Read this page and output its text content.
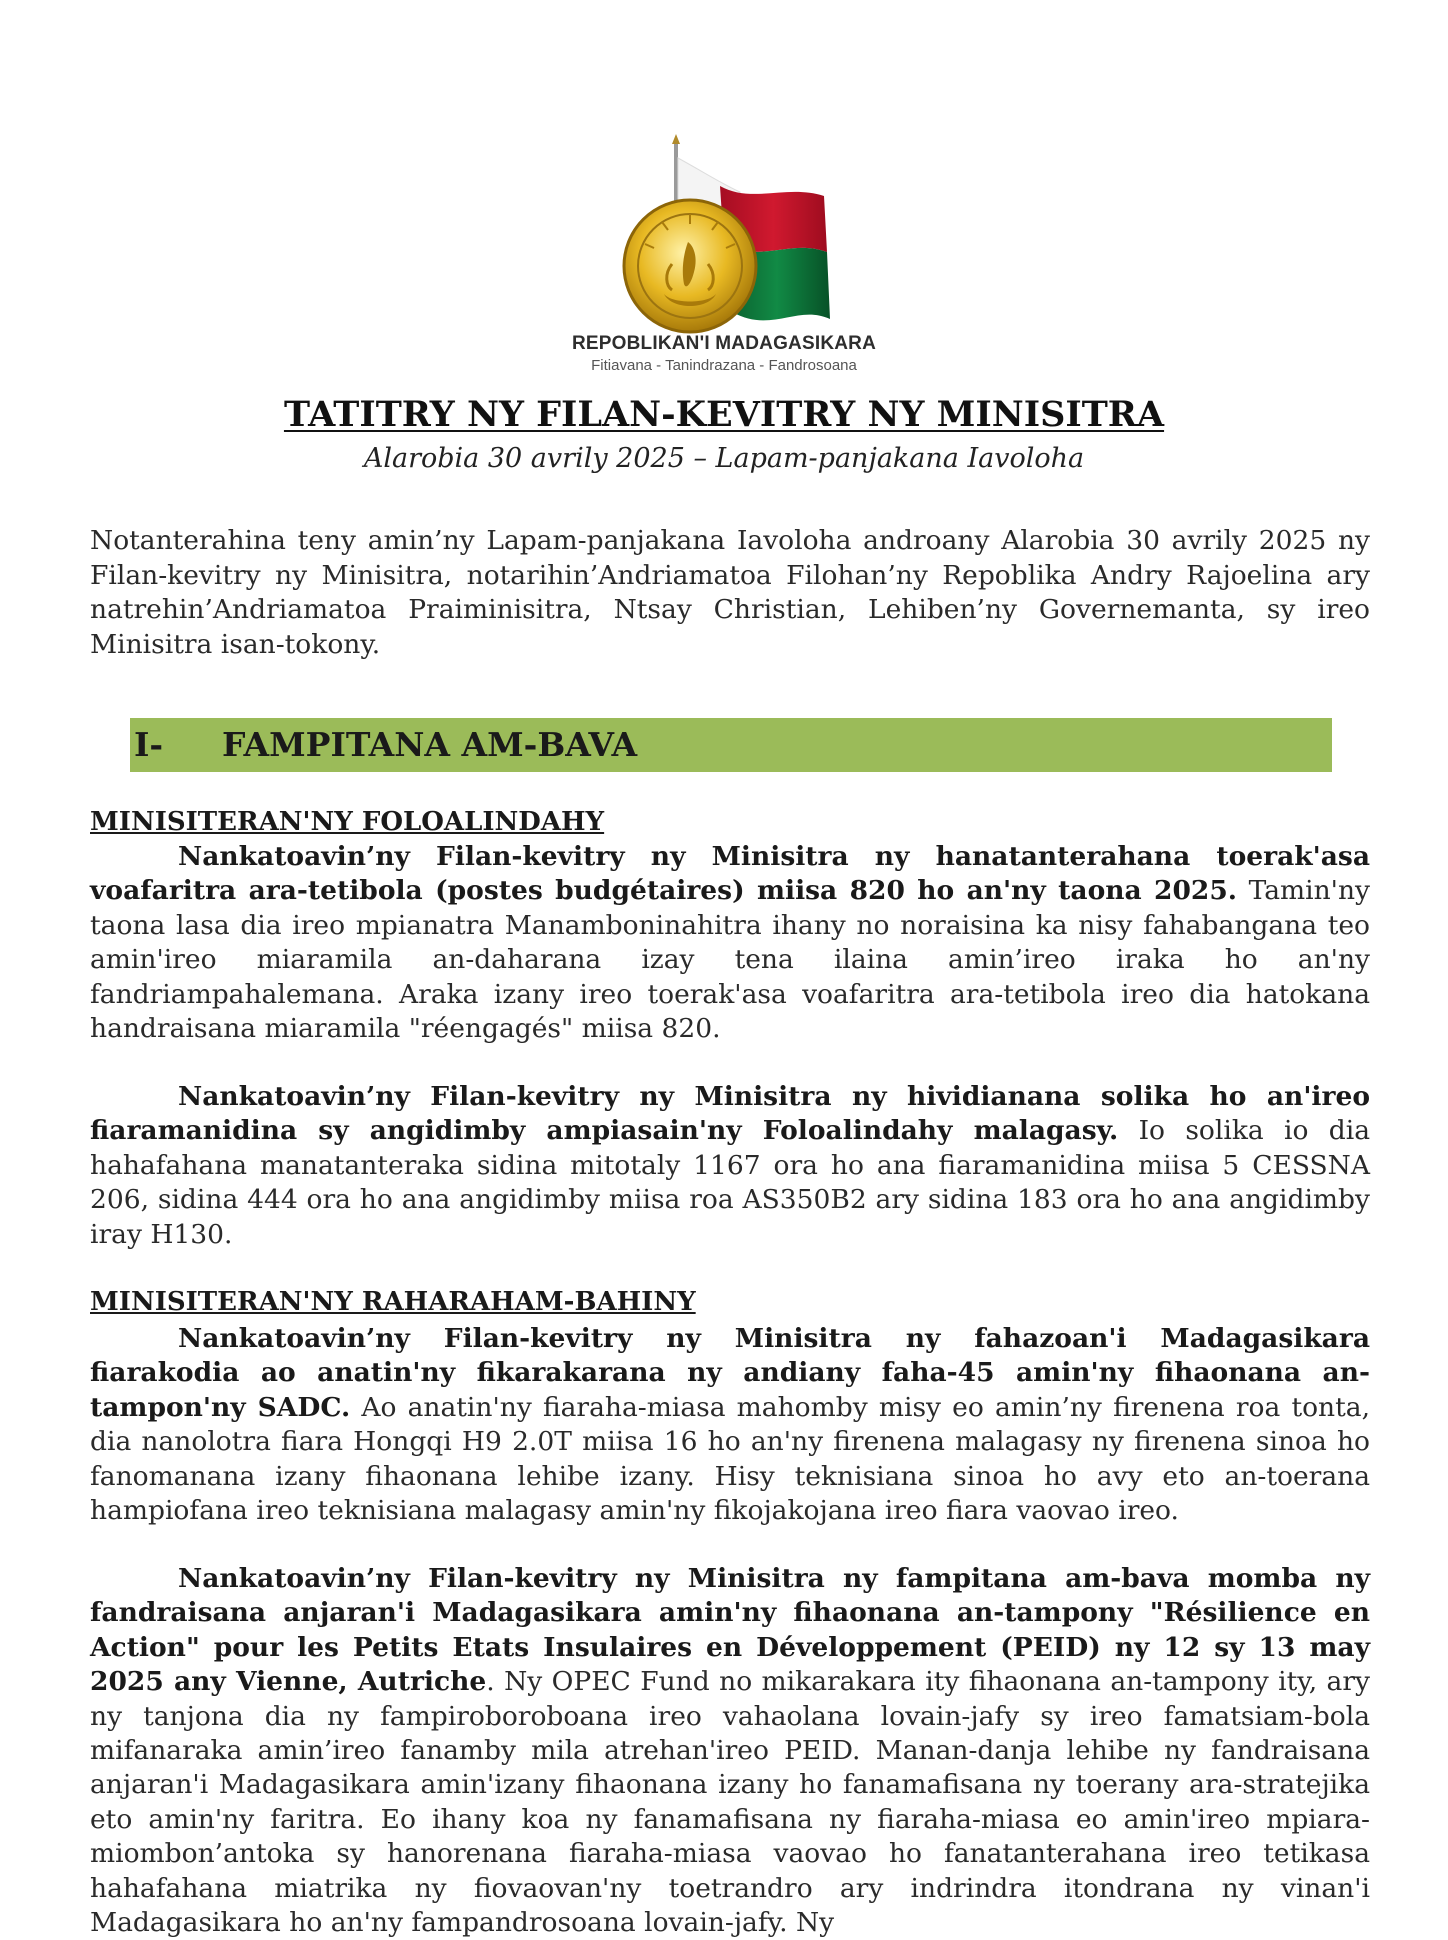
REPOBLIKAN'I MADAGASIKARA

Fitiavana - Tanindrazana - Fandrosoana

TATITRY NY FILAN-KEVITRY NY MINISITRA

Alarobia 30 avrily 2025 – Lapam-panjakana Iavoloha

Notanterahina teny amin’ny Lapam-panjakana Iavoloha androany Alarobia 30 avrily 2025 ny Filan-kevitry ny Minisitra, notarihin’Andriamatoa Filohan’ny Repoblika Andry Rajoelina ary natrehin’Andriamatoa Praiminisitra, Ntsay Christian, Lehiben’ny Governemanta, sy ireo Minisitra isan-tokony.

I- FAMPITANA AM-BAVA
MINISITERAN'NY FOLOALINDAHY

Nankatoavin’ny Filan-kevitry ny Minisitra ny hanatanterahana toerak'asa voafaritra ara-tetibola (postes budgétaires) miisa 820 ho an'ny taona 2025. Tamin'ny taona lasa dia ireo mpianatra Manamboninahitra ihany no noraisina ka nisy fahabangana teo amin'ireo miaramila an-daharana izay tena ilaina amin’ireo iraka ho an'ny fandriampahalemana. Araka izany ireo toerak'asa voafaritra ara-tetibola ireo dia hatokana handraisana miaramila "réengagés" miisa 820.

Nankatoavin’ny Filan-kevitry ny Minisitra ny hividianana solika ho an'ireo fiaramanidina sy angidimby ampiasain'ny Foloalindahy malagasy. Io solika io dia hahafahana manatanteraka sidina mitotaly 1167 ora ho ana fiaramanidina miisa 5 CESSNA 206, sidina 444 ora ho ana angidimby miisa roa AS350B2 ary sidina 183 ora ho ana angidimby iray H130.

MINISITERAN'NY RAHARAHAM-BAHINY

Nankatoavin’ny Filan-kevitry ny Minisitra ny fahazoan'i Madagasikara fiarakodia ao anatin'ny fikarakarana ny andiany faha-45 amin'ny fihaonana an-tampon'ny SADC. Ao anatin'ny fiaraha-miasa mahomby misy eo amin’ny firenena roa tonta, dia nanolotra fiara Hongqi H9 2.0T miisa 16 ho an'ny firenena malagasy ny firenena sinoa ho fanomanana izany fihaonana lehibe izany. Hisy teknisiana sinoa ho avy eto an-toerana hampiofana ireo teknisiana malagasy amin'ny fikojakojana ireo fiara vaovao ireo.

Nankatoavin’ny Filan-kevitry ny Minisitra ny fampitana am-bava momba ny fandraisana anjaran'i Madagasikara amin'ny fihaonana an-tampony "Résilience en Action" pour les Petits Etats Insulaires en Développement (PEID) ny 12 sy 13 may 2025 any Vienne, Autriche. Ny OPEC Fund no mikarakara ity fihaonana an-tampony ity, ary ny tanjona dia ny fampiroboroboana ireo vahaolana lovain-jafy sy ireo famatsiam-bola mifanaraka amin’ireo fanamby mila atrehan'ireo PEID. Manan-danja lehibe ny fandraisana anjaran'i Madagasikara amin'izany fihaonana izany ho fanamafisana ny toerany ara-stratejika eto amin'ny faritra. Eo ihany koa ny fanamafisana ny fiaraha-miasa eo amin'ireo mpiara-miombon’antoka sy hanorenana fiaraha-miasa vaovao ho fanatanterahana ireo tetikasa hahafahana miatrika ny fiovaovan'ny toetrandro ary indrindra itondrana ny vinan'i Madagasikara ho an'ny fampandrosoana lovain-jafy. Ny
